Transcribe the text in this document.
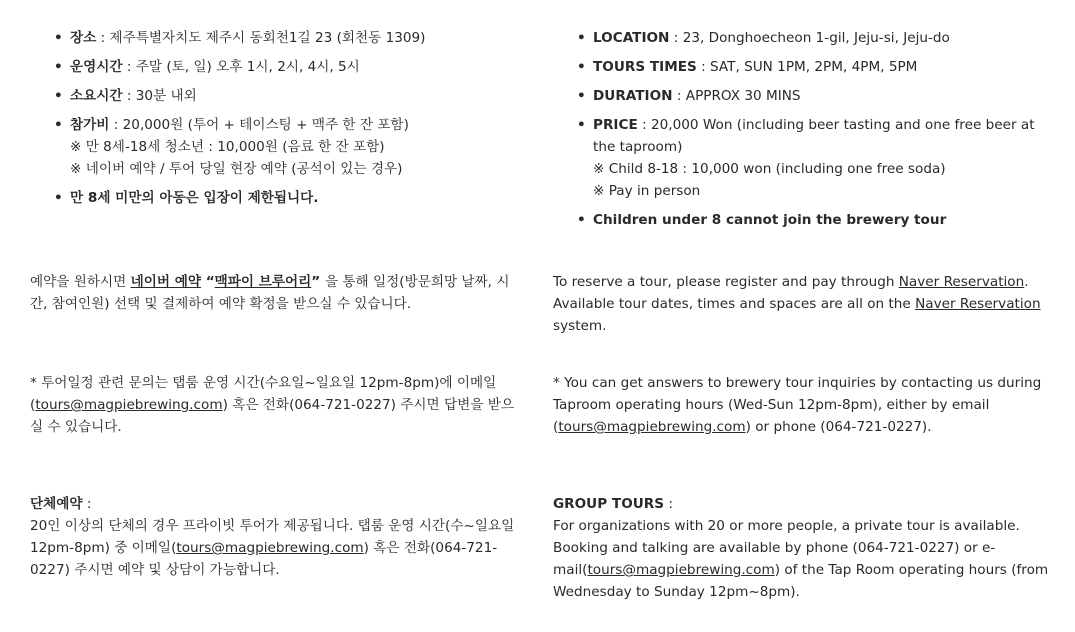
• 장소 : 제주특별자치도 제주시 동회천1길 23 (회천동 1309)
• 운영시간 : 주말 (토, 일) 오후 1시, 2시, 4시, 5시
• 소요시간 : 30분 내외
• 참가비 : 20,000원 (투어 + 테이스팅 + 맥주 한 잔 포함)
※ 만 8세-18세 청소년 : 10,000원 (음료 한 잔 포함)
※ 네이버 예약 / 투어 당일 현장 예약 (공석이 있는 경우)
• 만 8세 미만의 아동은 입장이 제한됩니다.
예약을 원하시면 네이버 예약 “맥파이 브루어리” 을 통해 일정(방문희망 날짜, 시간, 참여인원) 선택 및 결제하여 예약 확정을 받으실 수 있습니다.
* 투어일정 관련 문의는 탭룸 운영 시간(수요일~일요일 12pm-8pm)에 이메일(tours@magpiebrewing.com) 혹은 전화(064-721-0227) 주시면 답변을 받으실 수 있습니다.
단체예약 :
20인 이상의 단체의 경우 프라이빗 투어가 제공됩니다. 탭룸 운영 시간(수~일요일 12pm-8pm) 중 이메일(tours@magpiebrewing.com) 혹은 전화(064-721-0227) 주시면 예약 및 상담이 가능합니다.
• LOCATION : 23, Donghoecheon 1-gil, Jeju-si, Jeju-do
• TOURS TIMES : SAT, SUN 1PM, 2PM, 4PM, 5PM
• DURATION : APPROX 30 MINS
• PRICE : 20,000 Won (including beer tasting and one free beer at the taproom)
※ Child 8-18 : 10,000 won (including one free soda)
※ Pay in person
• Children under 8 cannot join the brewery tour
To reserve a tour, please register and pay through Naver Reservation. Available tour dates, times and spaces are all on the Naver Reservation system.
* You can get answers to brewery tour inquiries by contacting us during Taproom operating hours (Wed-Sun 12pm-8pm), either by email (tours@magpiebrewing.com) or phone (064-721-0227).
GROUP TOURS :
For organizations with 20 or more people, a private tour is available. Booking and talking are available by phone (064-721-0227) or e-mail(tours@magpiebrewing.com) of the Tap Room operating hours (from Wednesday to Sunday 12pm~8pm).
